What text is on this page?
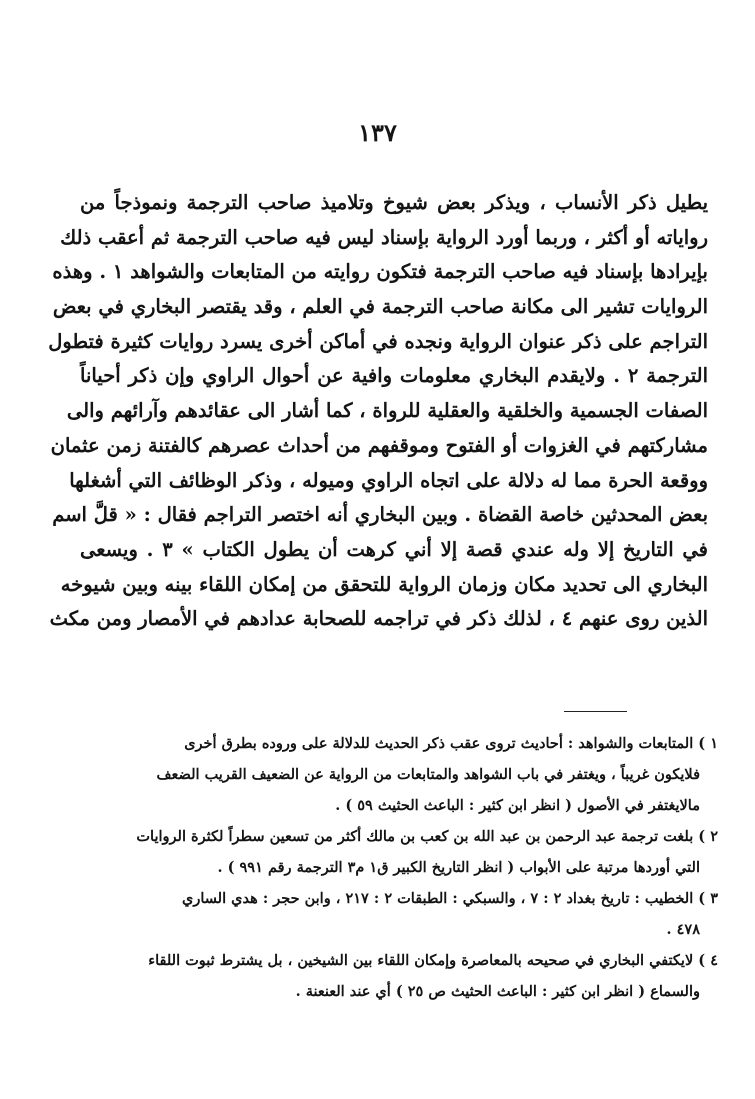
١٣٧
يطيل ذكر الأنساب ، ويذكر بعض شيوخ وتلاميذ صاحب الترجمة ونموذجاً من
رواياته أو أكثر ، وربما أورد الرواية بإسناد ليس فيه صاحب الترجمة ثم أعقب ذلك
بإيرادها بإسناد فيه صاحب الترجمة فتكون روايته من المتابعات والشواهد ١ . وهذه
الروايات تشير الى مكانة صاحب الترجمة في العلم ، وقد يقتصر البخاري في بعض
التراجم على ذكر عنوان الرواية ونجده في أماكن أخرى يسرد روايات كثيرة فتطول
الترجمة ٢ . ولايقدم البخاري معلومات وافية عن أحوال الراوي وإن ذكر أحياناً
الصفات الجسمية والخلقية والعقلية للرواة ، كما أشار الى عقائدهم وآرائهم والى
مشاركتهم في الغزوات أو الفتوح وموقفهم من أحداث عصرهم كالفتنة زمن عثمان
ووقعة الحرة مما له دلالة على اتجاه الراوي وميوله ، وذكر الوظائف التي أشغلها
بعض المحدثين خاصة القضاة . وبين البخاري أنه اختصر التراجم فقال : « قلَّ اسم
في التاريخ إلا وله عندي قصة إلا أني كرهت أن يطول الكتاب » ٣ . ويسعى
البخاري الى تحديد مكان وزمان الرواية للتحقق من إمكان اللقاء بينه وبين شيوخه
الذين روى عنهم ٤ ، لذلك ذكر في تراجمه للصحابة عدادهم في الأمصار ومن مكث
١ ) المتابعات والشواهد : أحاديث تروى عقب ذكر الحديث للدلالة على وروده بطرق أخرى
فلايكون غريباً ، ويغتفر في باب الشواهد والمتابعات من الرواية عن الضعيف القريب الضعف
مالايغتفر في الأصول ( انظر ابن كثير : الباعث الحثيث ٥٩ ) .
٢ ) بلغت ترجمة عبد الرحمن بن عبد الله بن كعب بن مالك أكثر من تسعين سطراً لكثرة الروايات
التي أوردها مرتبة على الأبواب ( انظر التاريخ الكبير ق١ م٣ الترجمة رقم ٩٩١ ) .
٣ ) الخطيب : تاريخ بغداد ٢ : ٧ ، والسبكي : الطبقات ٢ : ٢١٧ ، وابن حجر : هدي الساري
٤٧٨ .
٤ ) لايكتفي البخاري في صحيحه بالمعاصرة وإمكان اللقاء بين الشيخين ، بل يشترط ثبوت اللقاء
والسماع ( انظر ابن كثير : الباعث الحثيث ص ٢٥ ) أي عند العنعنة .
